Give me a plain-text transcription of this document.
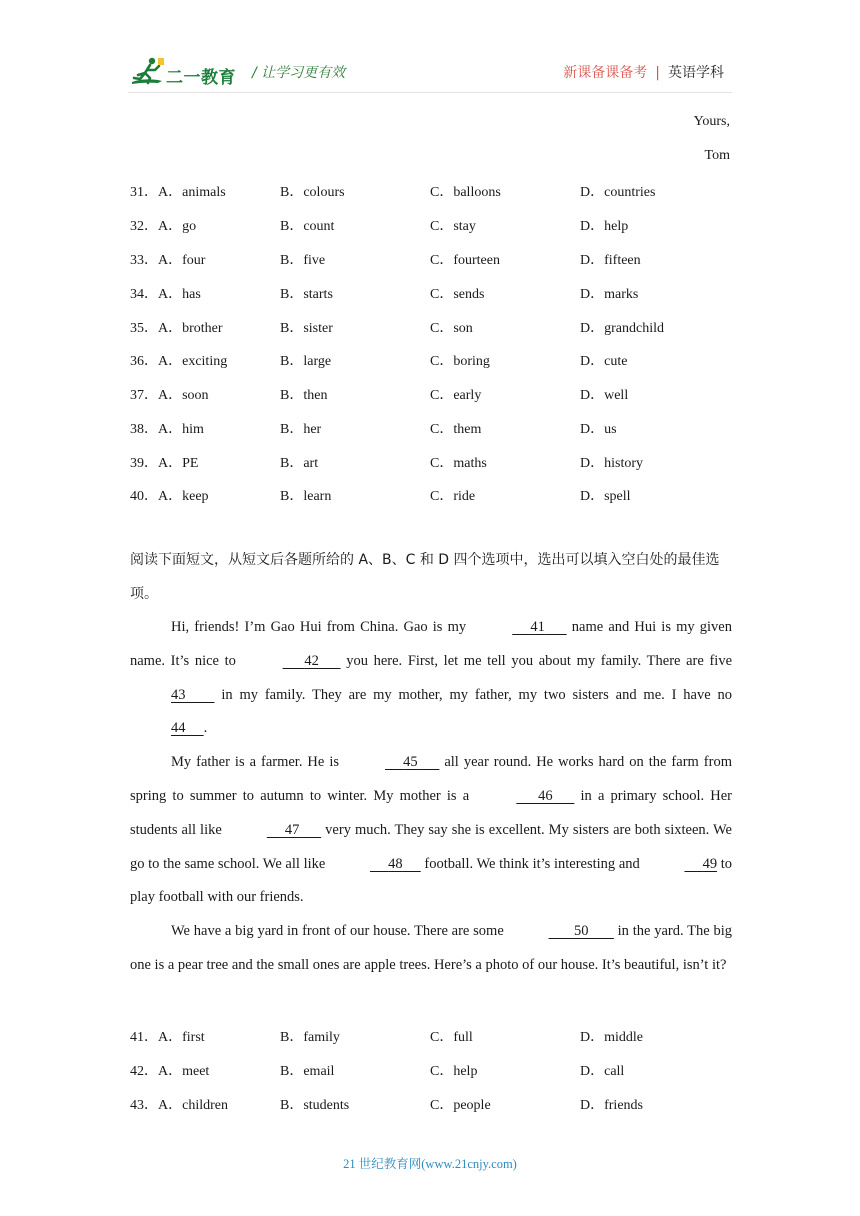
二一教育 / 让学习更有效	新课备课备考 | 英语学科
Yours,
Tom
31．A．animals	B．colours	C．balloons	D．countries
32．A．go	B．count	C．stay	D．help
33．A．four	B．five	C．fourteen	D．fifteen
34．A．has	B．starts	C．sends	D．marks
35．A．brother	B．sister	C．son	D．grandchild
36．A．exciting	B．large	C．boring	D．cute
37．A．soon	B．then	C．early	D．well
38．A．him	B．her	C．them	D．us
39．A．PE	B．art	C．maths	D．history
40．A．keep	B．learn	C．ride	D．spell
阅读下面短文，从短文后各题所给的 A、B、C 和 D 四个选项中，选出可以填入空白处的最佳选项。

Hi, friends! I’m Gao Hui from China. Gao is my	41       name and Hui is my given name. It’s nice to	42       you here. First, let me tell you about my family. There are five 43         in my family. They are my mother, my father, my two sisters and me. I have no 44 .

My father is a farmer. He is	45       all year round. He works hard on the farm from spring to summer to autumn to winter. My mother is a	46       in a primary school. Her students all like	47       very much. They say she is excellent. My sisters are both sixteen. We go to the same school. We all like	48      football. We think it’s interesting and	49 to play football with our friends.

We have a big yard in front of our house. There are some	50        in the yard. The big one is a pear tree and the small ones are apple trees. Here’s a photo of our house. It’s beautiful, isn’t it?

41．A．first	B．family	C．full	D．middle
42．A．meet	B．email	C．help	D．call
43．A．children	B．students	C．people	D．friends
21 世纪教育网(www.21cnjy.com)
